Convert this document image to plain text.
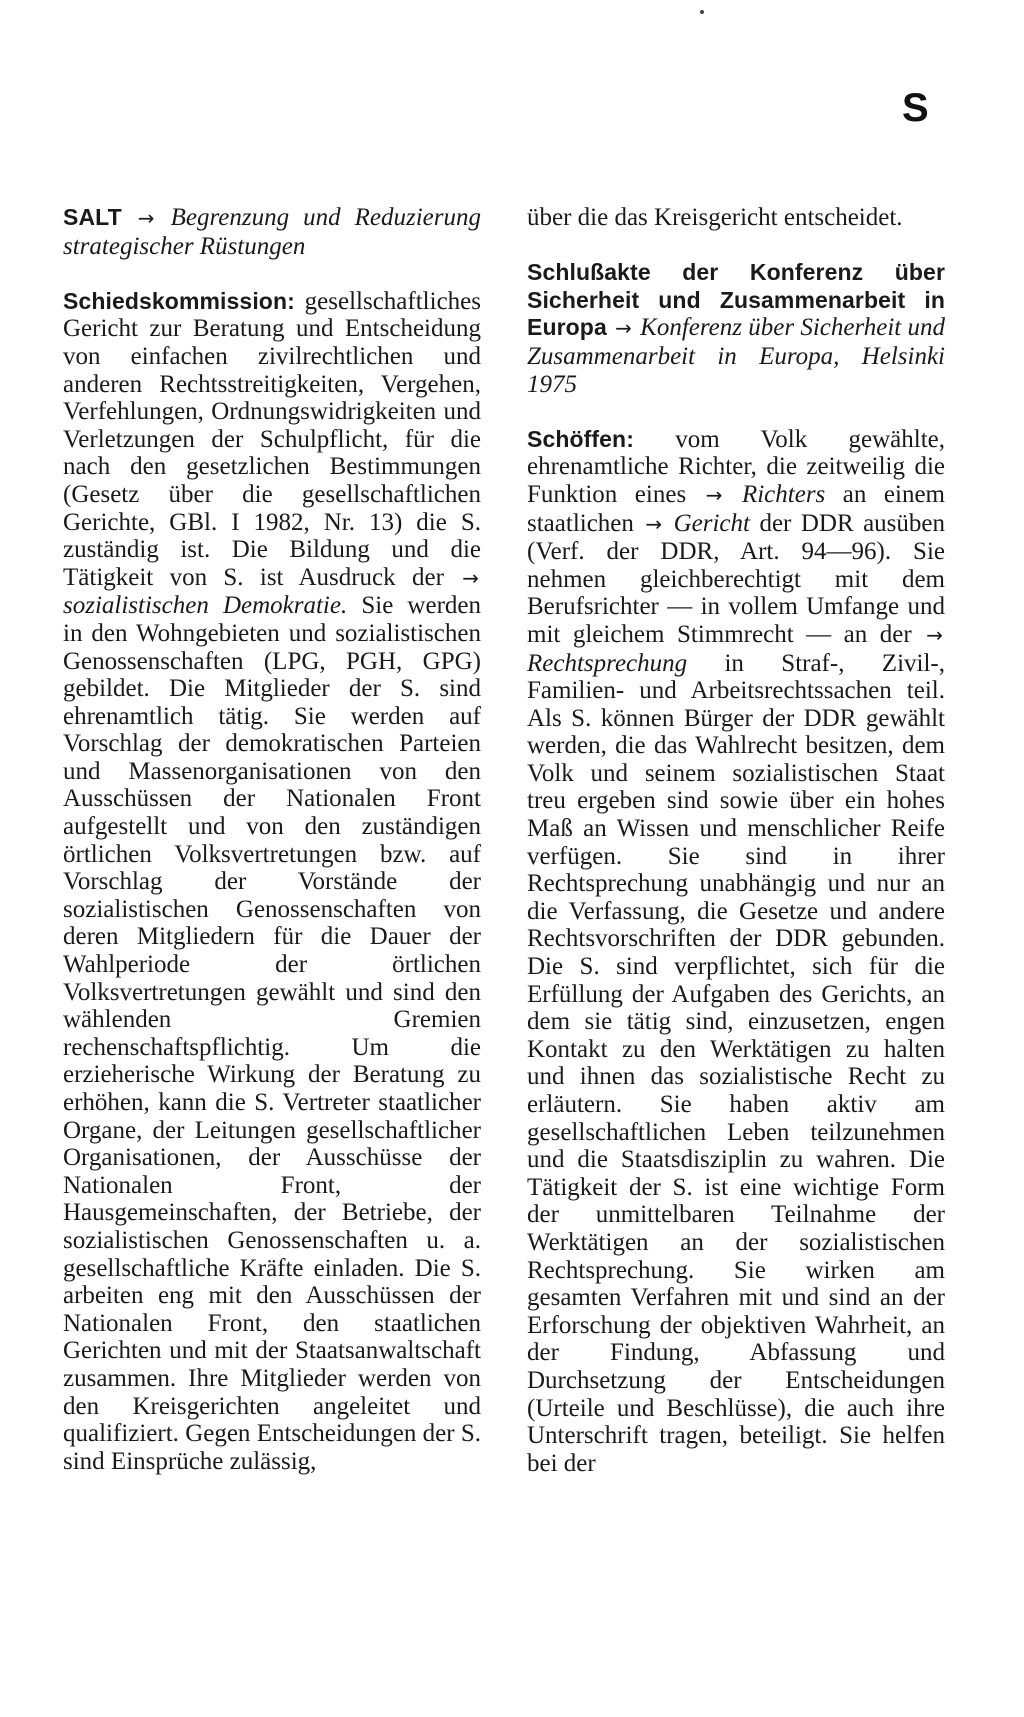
S

SALT → Begrenzung und Reduzierung strategischer Rüstungen

Schiedskommission: gesellschaftliches Gericht zur Beratung und Entscheidung von einfachen zivilrechtlichen und anderen Rechtsstreitigkeiten, Vergehen, Verfehlungen, Ordnungswidrigkeiten und Verletzungen der Schulpflicht, für die nach den gesetzlichen Bestimmungen (Gesetz über die gesellschaftlichen Gerichte, GBl. I 1982, Nr. 13) die S. zuständig ist. Die Bildung und die Tätigkeit von S. ist Ausdruck der → sozialistischen Demokratie. Sie werden in den Wohngebieten und sozialistischen Genossenschaften (LPG, PGH, GPG) gebildet. Die Mitglieder der S. sind ehrenamtlich tätig. Sie werden auf Vorschlag der demokratischen Parteien und Massenorganisationen von den Ausschüssen der Nationalen Front aufgestellt und von den zuständigen örtlichen Volksvertretungen bzw. auf Vorschlag der Vorstände der sozialistischen Genossenschaften von deren Mitgliedern für die Dauer der Wahlperiode der örtlichen Volksvertretungen gewählt und sind den wählenden Gremien rechenschaftspflichtig. Um die erzieherische Wirkung der Beratung zu erhöhen, kann die S. Vertreter staatlicher Organe, der Leitungen gesellschaftlicher Organisationen, der Ausschüsse der Nationalen Front, der Hausgemeinschaften, der Betriebe, der sozialistischen Genossenschaften u. a. gesellschaftliche Kräfte einladen. Die S. arbeiten eng mit den Ausschüssen der Nationalen Front, den staatlichen Gerichten und mit der Staatsanwaltschaft zusammen. Ihre Mitglieder werden von den Kreisgerichten angeleitet und qualifiziert. Gegen Entscheidungen der S. sind Einsprüche zulässig,

über die das Kreisgericht entscheidet.

Schlußakte der Konferenz über Sicherheit und Zusammenarbeit in Europa → Konferenz über Sicherheit und Zusammenarbeit in Europa, Helsinki 1975

Schöffen: vom Volk gewählte, ehrenamtliche Richter, die zeitweilig die Funktion eines → Richters an einem staatlichen → Gericht der DDR ausüben (Verf. der DDR, Art. 94—96). Sie nehmen gleichberechtigt mit dem Berufsrichter — in vollem Umfange und mit gleichem Stimmrecht — an der → Rechtsprechung in Straf-, Zivil-, Familien- und Arbeitsrechtssachen teil. Als S. können Bürger der DDR gewählt werden, die das Wahlrecht besitzen, dem Volk und seinem sozialistischen Staat treu ergeben sind sowie über ein hohes Maß an Wissen und menschlicher Reife verfügen. Sie sind in ihrer Rechtsprechung unabhängig und nur an die Verfassung, die Gesetze und andere Rechtsvorschriften der DDR gebunden. Die S. sind verpflichtet, sich für die Erfüllung der Aufgaben des Gerichts, an dem sie tätig sind, einzusetzen, engen Kontakt zu den Werktätigen zu halten und ihnen das sozialistische Recht zu erläutern. Sie haben aktiv am gesellschaftlichen Leben teilzunehmen und die Staatsdisziplin zu wahren. Die Tätigkeit der S. ist eine wichtige Form der unmittelbaren Teilnahme der Werktätigen an der sozialistischen Rechtsprechung. Sie wirken am gesamten Verfahren mit und sind an der Erforschung der objektiven Wahrheit, an der Findung, Abfassung und Durchsetzung der Entscheidungen (Urteile und Beschlüsse), die auch ihre Unterschrift tragen, beteiligt. Sie helfen bei der
